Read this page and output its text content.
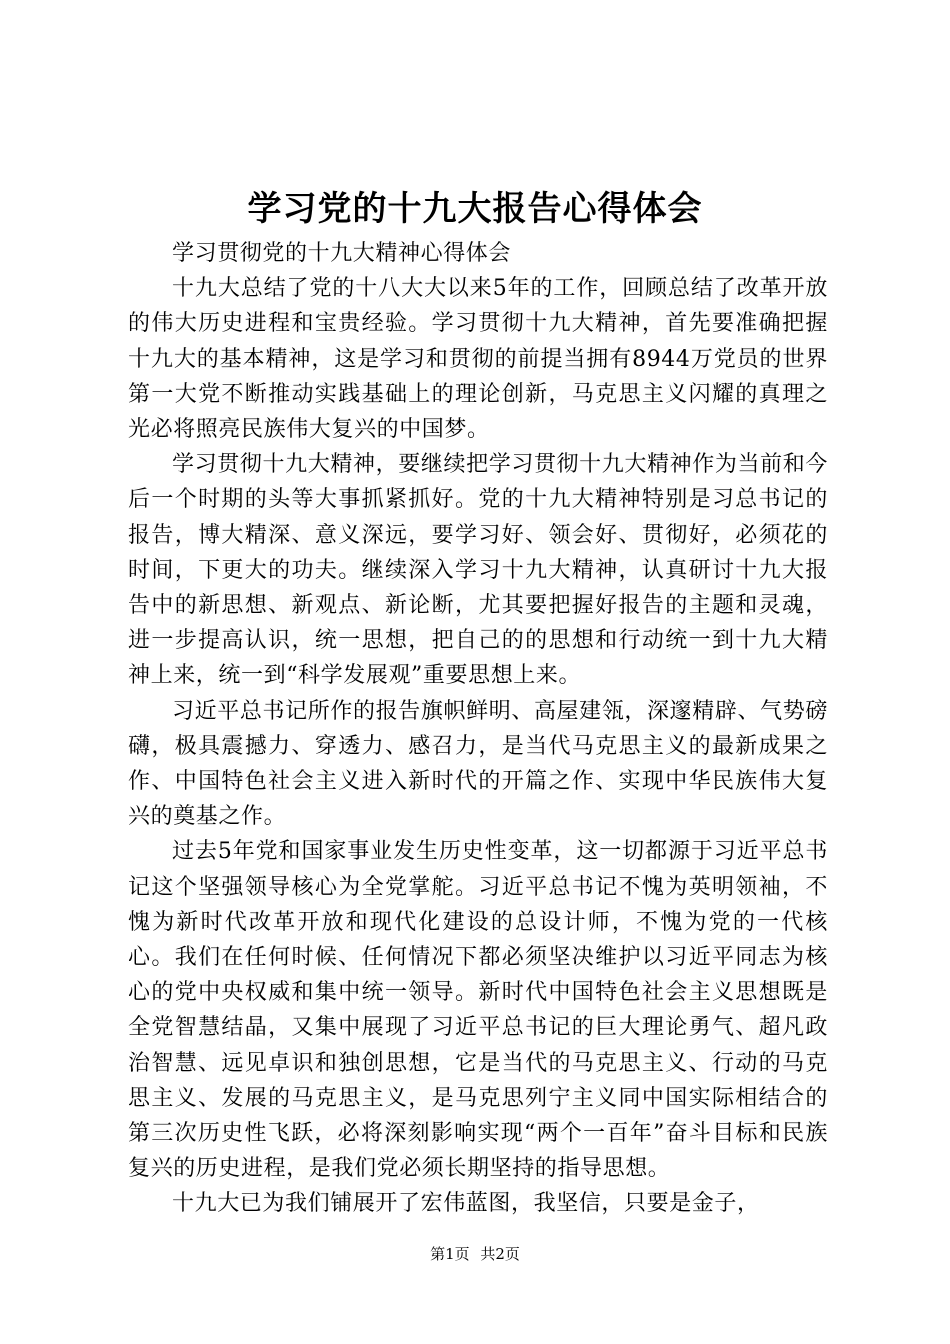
学习党的十九大报告心得体会

学习贯彻党的十九大精神心得体会

十九大总结了党的十八大大以来5年的工作，回顾总结了改革开放的伟大历史进程和宝贵经验。学习贯彻十九大精神，首先要准确把握十九大的基本精神，这是学习和贯彻的前提当拥有8944万党员的世界第一大党不断推动实践基础上的理论创新，马克思主义闪耀的真理之光必将照亮民族伟大复兴的中国梦。

学习贯彻十九大精神，要继续把学习贯彻十九大精神作为当前和今后一个时期的头等大事抓紧抓好。党的十九大精神特别是习总书记的报告，博大精深、意义深远，要学习好、领会好、贯彻好，必须花的时间，下更大的功夫。继续深入学习十九大精神，认真研讨十九大报告中的新思想、新观点、新论断，尤其要把握好报告的主题和灵魂，进一步提高认识，统一思想，把自己的的思想和行动统一到十九大精神上来，统一到“科学发展观”重要思想上来。

习近平总书记所作的报告旗帜鲜明、高屋建瓴，深邃精辟、气势磅礴，极具震撼力、穿透力、感召力，是当代马克思主义的最新成果之作、中国特色社会主义进入新时代的开篇之作、实现中华民族伟大复兴的奠基之作。

过去5年党和国家事业发生历史性变革，这一切都源于习近平总书记这个坚强领导核心为全党掌舵。习近平总书记不愧为英明领袖，不愧为新时代改革开放和现代化建设的总设计师，不愧为党的一代核心。我们在任何时候、任何情况下都必须坚决维护以习近平同志为核心的党中央权威和集中统一领导。新时代中国特色社会主义思想既是全党智慧结晶，又集中展现了习近平总书记的巨大理论勇气、超凡政治智慧、远见卓识和独创思想，它是当代的马克思主义、行动的马克思主义、发展的马克思主义，是马克思列宁主义同中国实际相结合的第三次历史性飞跃，必将深刻影响实现“两个一百年”奋斗目标和民族复兴的历史进程，是我们党必须长期坚持的指导思想。

十九大已为我们铺展开了宏伟蓝图，我坚信，只要是金子，

第1页 共2页
